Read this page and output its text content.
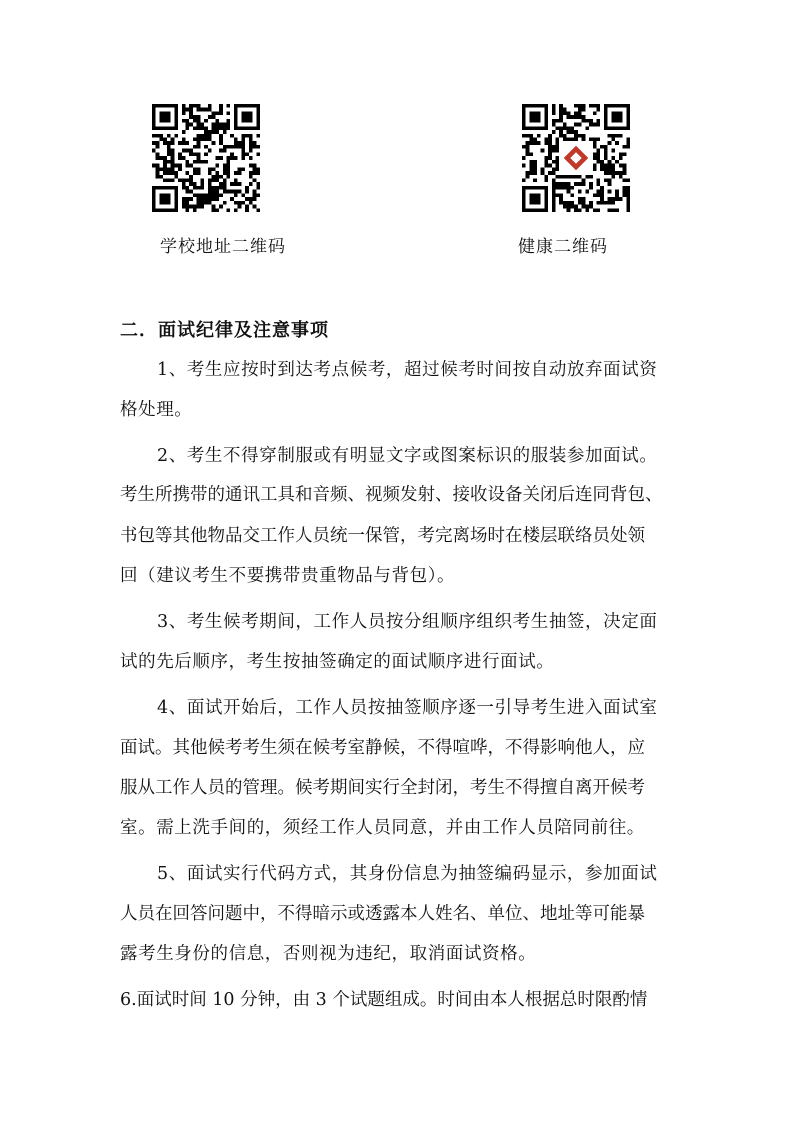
学校地址二维码	健康二维码
二．面试纪律及注意事项
1、考生应按时到达考点候考，超过候考时间按自动放弃面试资
格处理。
2、考生不得穿制服或有明显文字或图案标识的服装参加面试。
考生所携带的通讯工具和音频、视频发射、接收设备关闭后连同背包、
书包等其他物品交工作人员统一保管，考完离场时在楼层联络员处领
回（建议考生不要携带贵重物品与背包）。
3、考生候考期间，工作人员按分组顺序组织考生抽签，决定面
试的先后顺序，考生按抽签确定的面试顺序进行面试。
4、面试开始后，工作人员按抽签顺序逐一引导考生进入面试室
面试。其他候考考生须在候考室静候，不得喧哗，不得影响他人，应
服从工作人员的管理。候考期间实行全封闭，考生不得擅自离开候考
室。需上洗手间的，须经工作人员同意，并由工作人员陪同前往。
5、面试实行代码方式，其身份信息为抽签编码显示，参加面试
人员在回答问题中，不得暗示或透露本人姓名、单位、地址等可能暴
露考生身份的信息，否则视为违纪，取消面试资格。
6.面试时间 10 分钟，由 3 个试题组成。时间由本人根据总时限酌情
